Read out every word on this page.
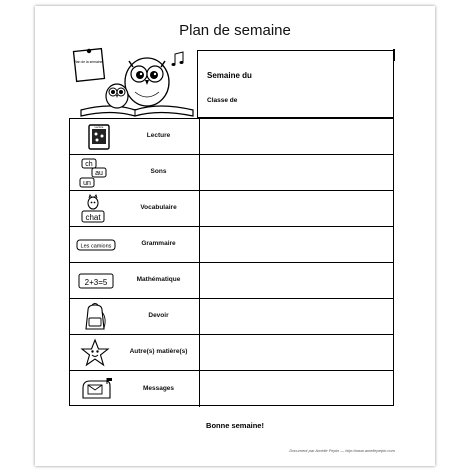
Plan de semaine
Plan de la semaine
Semaine du
Classe de
Lecture
Lecture
ch
au
un
Sons
chat
Vocabulaire
Les camions	Grammaire
2+3=5	Mathématique
Devoir
Autre(s) matière(s)
Messages
Bonne semaine!
Document par Amélie Pepin — http://www.ameliepepin.com
